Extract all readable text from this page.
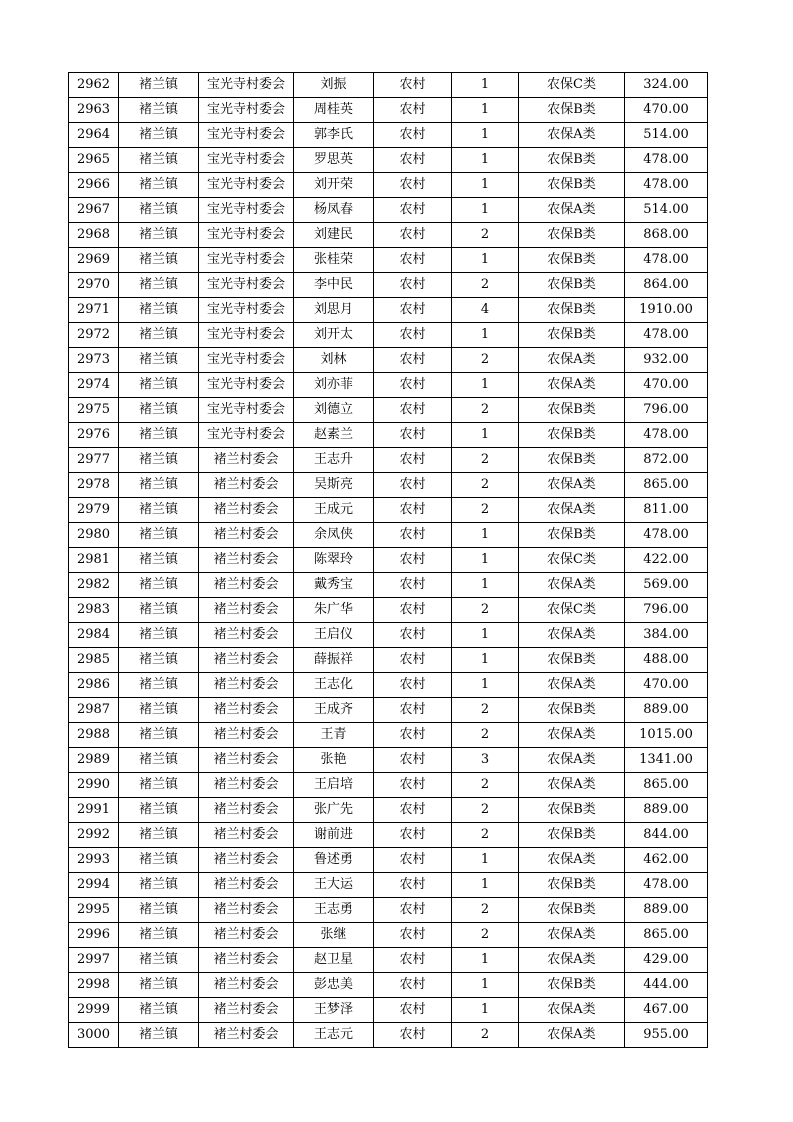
2962	褚兰镇	宝光寺村委会	刘振	农村	1	农保C类	324.00
2963	褚兰镇	宝光寺村委会	周桂英	农村	1	农保B类	470.00
2964	褚兰镇	宝光寺村委会	郭李氏	农村	1	农保A类	514.00
2965	褚兰镇	宝光寺村委会	罗思英	农村	1	农保B类	478.00
2966	褚兰镇	宝光寺村委会	刘开荣	农村	1	农保B类	478.00
2967	褚兰镇	宝光寺村委会	杨凤春	农村	1	农保A类	514.00
2968	褚兰镇	宝光寺村委会	刘建民	农村	2	农保B类	868.00
2969	褚兰镇	宝光寺村委会	张桂荣	农村	1	农保B类	478.00
2970	褚兰镇	宝光寺村委会	李中民	农村	2	农保B类	864.00
2971	褚兰镇	宝光寺村委会	刘思月	农村	4	农保B类	1910.00
2972	褚兰镇	宝光寺村委会	刘开太	农村	1	农保B类	478.00
2973	褚兰镇	宝光寺村委会	刘林	农村	2	农保A类	932.00
2974	褚兰镇	宝光寺村委会	刘亦菲	农村	1	农保A类	470.00
2975	褚兰镇	宝光寺村委会	刘德立	农村	2	农保B类	796.00
2976	褚兰镇	宝光寺村委会	赵素兰	农村	1	农保B类	478.00
2977	褚兰镇	褚兰村委会	王志升	农村	2	农保B类	872.00
2978	褚兰镇	褚兰村委会	吴斯亮	农村	2	农保A类	865.00
2979	褚兰镇	褚兰村委会	王成元	农村	2	农保A类	811.00
2980	褚兰镇	褚兰村委会	余凤侠	农村	1	农保B类	478.00
2981	褚兰镇	褚兰村委会	陈翠玲	农村	1	农保C类	422.00
2982	褚兰镇	褚兰村委会	戴秀宝	农村	1	农保A类	569.00
2983	褚兰镇	褚兰村委会	朱广华	农村	2	农保C类	796.00
2984	褚兰镇	褚兰村委会	王启仪	农村	1	农保A类	384.00
2985	褚兰镇	褚兰村委会	薛振祥	农村	1	农保B类	488.00
2986	褚兰镇	褚兰村委会	王志化	农村	1	农保A类	470.00
2987	褚兰镇	褚兰村委会	王成齐	农村	2	农保B类	889.00
2988	褚兰镇	褚兰村委会	王青	农村	2	农保A类	1015.00
2989	褚兰镇	褚兰村委会	张艳	农村	3	农保A类	1341.00
2990	褚兰镇	褚兰村委会	王启培	农村	2	农保A类	865.00
2991	褚兰镇	褚兰村委会	张广先	农村	2	农保B类	889.00
2992	褚兰镇	褚兰村委会	谢前进	农村	2	农保B类	844.00
2993	褚兰镇	褚兰村委会	鲁述勇	农村	1	农保A类	462.00
2994	褚兰镇	褚兰村委会	王大运	农村	1	农保B类	478.00
2995	褚兰镇	褚兰村委会	王志勇	农村	2	农保B类	889.00
2996	褚兰镇	褚兰村委会	张继	农村	2	农保A类	865.00
2997	褚兰镇	褚兰村委会	赵卫星	农村	1	农保A类	429.00
2998	褚兰镇	褚兰村委会	彭忠美	农村	1	农保B类	444.00
2999	褚兰镇	褚兰村委会	王梦泽	农村	1	农保A类	467.00
3000	褚兰镇	褚兰村委会	王志元	农村	2	农保A类	955.00
